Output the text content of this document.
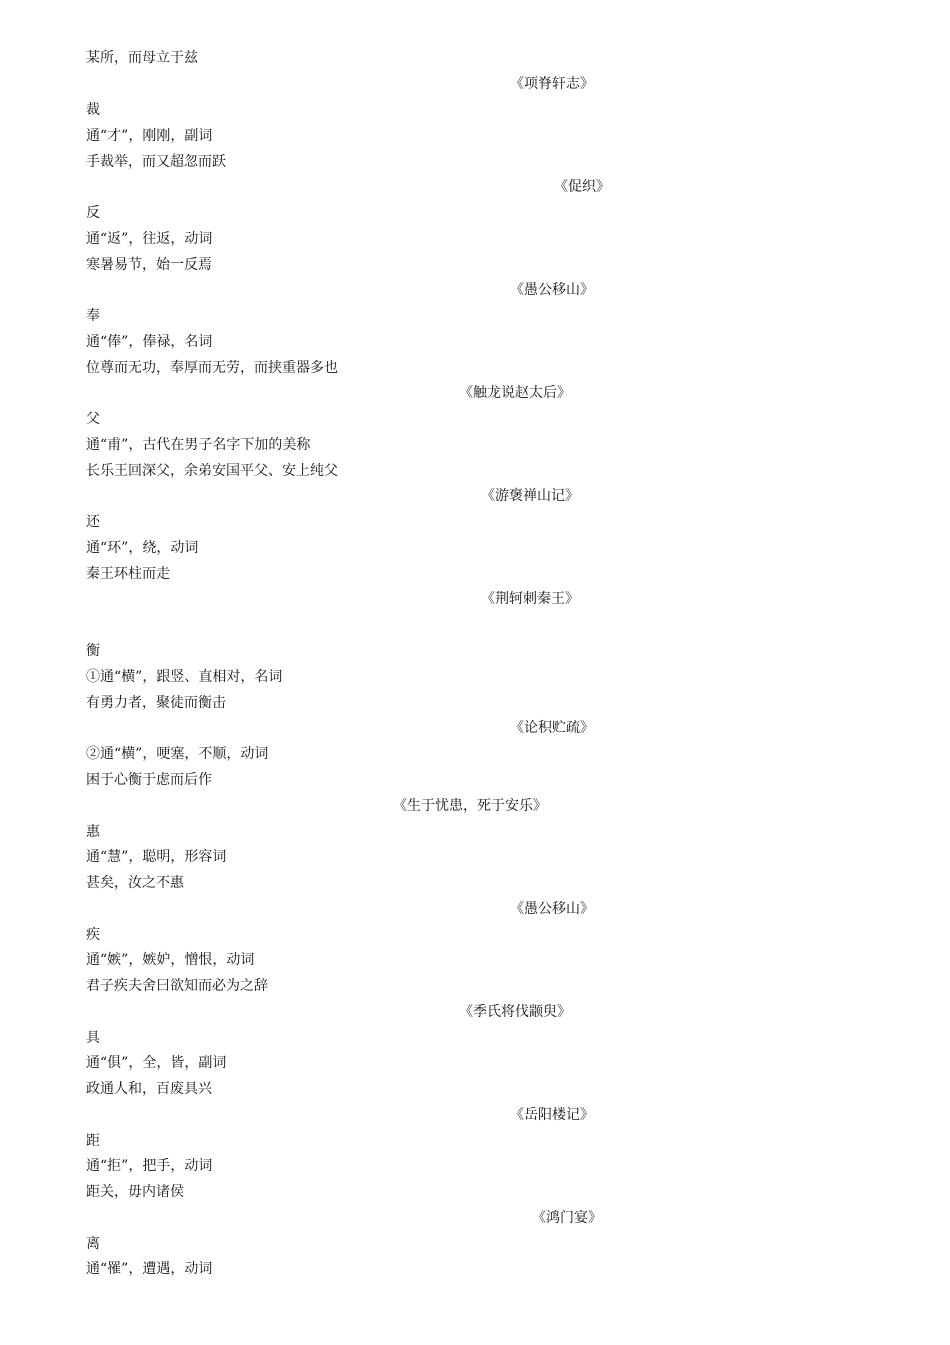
某所，而母立于兹
《项脊轩志》
裁
通“才”，刚刚，副词
手裁举，而又超忽而跃
《促织》
反
通“返”，往返，动词
寒暑易节，始一反焉
《愚公移山》
奉
通“俸”，俸禄，名词
位尊而无功，奉厚而无劳，而挟重器多也
《触龙说赵太后》
父
通“甫”，古代在男子名字下加的美称
长乐王回深父，余弟安国平父、安上纯父
《游褒禅山记》
还
通“环”，绕，动词
秦王环柱而走
《荆轲刺秦王》
衡
①通“横”，跟竖、直相对，名词
有勇力者，聚徒而衡击
《论积贮疏》
②通“横”，哽塞，不顺，动词
困于心衡于虑而后作
《生于忧患，死于安乐》
惠
通“慧”，聪明，形容词
甚矣，汝之不惠
《愚公移山》
疾
通“嫉”，嫉妒，憎恨，动词
君子疾夫舍曰欲知而必为之辞
《季氏将伐颛臾》
具
通“俱”，全，皆，副词
政通人和，百废具兴
《岳阳楼记》
距
通“拒”，把手，动词
距关，毋内诸侯
《鸿门宴》
离
通“罹”，遭遇，动词
